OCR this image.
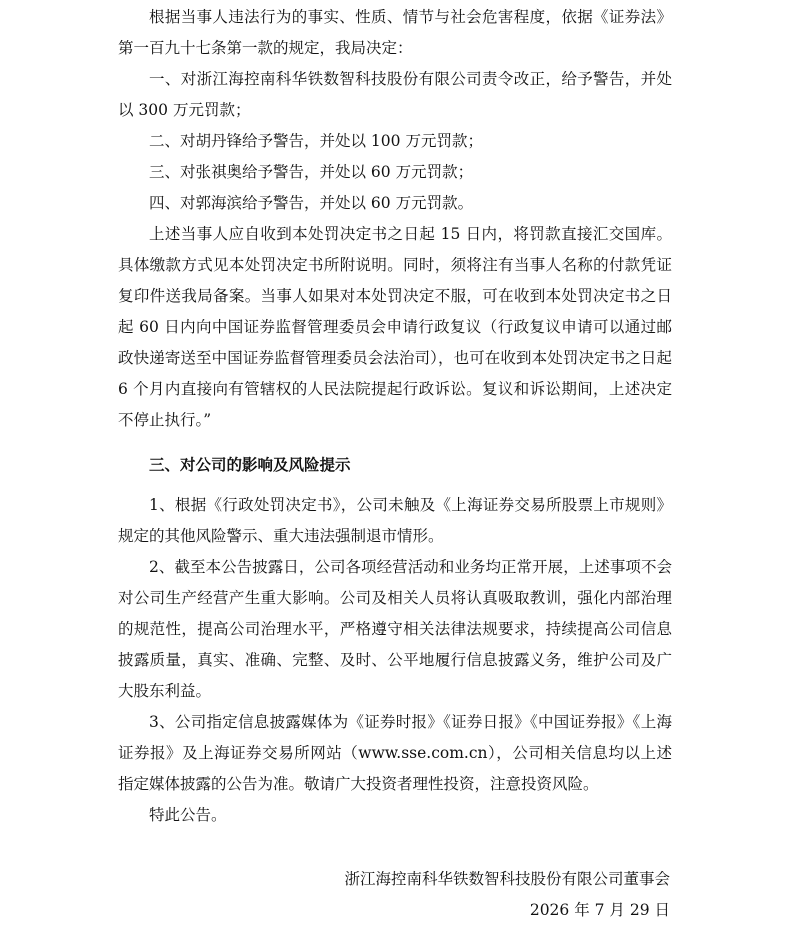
根据当事人违法行为的事实、性质、情节与社会危害程度，依据《证券法》第一百九十七条第一款的规定，我局决定：

一、对浙江海控南科华铁数智科技股份有限公司责令改正，给予警告，并处以 300 万元罚款；

二、对胡丹锋给予警告，并处以 100 万元罚款；

三、对张祺奥给予警告，并处以 60 万元罚款；

四、对郭海滨给予警告，并处以 60 万元罚款。

上述当事人应自收到本处罚决定书之日起 15 日内，将罚款直接汇交国库。具体缴款方式见本处罚决定书所附说明。同时，须将注有当事人名称的付款凭证复印件送我局备案。当事人如果对本处罚决定不服，可在收到本处罚决定书之日起 60 日内向中国证券监督管理委员会申请行政复议（行政复议申请可以通过邮政快递寄送至中国证券监督管理委员会法治司），也可在收到本处罚决定书之日起 6 个月内直接向有管辖权的人民法院提起行政诉讼。复议和诉讼期间，上述决定不停止执行。”

三、对公司的影响及风险提示

1、根据《行政处罚决定书》，公司未触及《上海证券交易所股票上市规则》规定的其他风险警示、重大违法强制退市情形。

2、截至本公告披露日，公司各项经营活动和业务均正常开展，上述事项不会对公司生产经营产生重大影响。公司及相关人员将认真吸取教训，强化内部治理的规范性，提高公司治理水平，严格遵守相关法律法规要求，持续提高公司信息披露质量，真实、准确、完整、及时、公平地履行信息披露义务，维护公司及广大股东利益。

3、公司指定信息披露媒体为《证券时报》《证券日报》《中国证券报》《上海证券报》及上海证券交易所网站（www.sse.com.cn），公司相关信息均以上述指定媒体披露的公告为准。敬请广大投资者理性投资，注意投资风险。

特此公告。

浙江海控南科华铁数智科技股份有限公司董事会

2026 年 7 月 29 日
